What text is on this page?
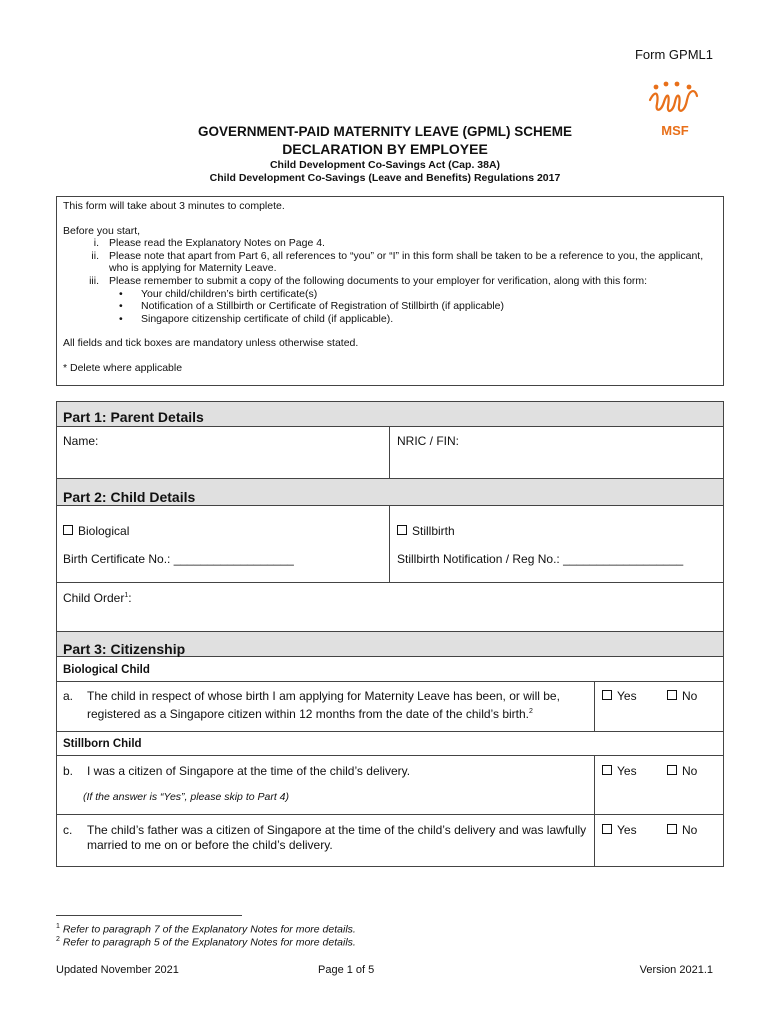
Form GPML1
MSF
GOVERNMENT-PAID MATERNITY LEAVE (GPML) SCHEME
DECLARATION BY EMPLOYEE
Child Development Co-Savings Act (Cap. 38A)
Child Development Co-Savings (Leave and Benefits) Regulations 2017

This form will take about 3 minutes to complete.

Before you start,

i. Please read the Explanatory Notes on Page 4.
ii. Please note that apart from Part 6, all references to “you” or “I” in this form shall be taken to be a reference to you, the applicant, who is applying for Maternity Leave.
iii. Please remember to submit a copy of the following documents to your employer for verification, along with this form:
•	Your child/children’s birth certificate(s)
•	Notification of a Stillbirth or Certificate of Registration of Stillbirth (if applicable)
•	Singapore citizenship certificate of child (if applicable).

All fields and tick boxes are mandatory unless otherwise stated.

* Delete where applicable

Part 1: Parent Details
Name:	NRIC / FIN:
Part 2: Child Details
Biological	Stillbirth
Birth Certificate No.: __________________	Stillbirth Notification / Reg No.: __________________
Child Order$^1$:
Part 3: Citizenship
Biological Child
a.	The child in respect of whose birth I am applying for Maternity Leave has been, or will be, registered as a Singapore citizen within 12 months from the date of the child’s birth.$^2$
Yes	No
Stillborn Child
b. I was a citizen of Singapore at the time of the child’s delivery.
(If the answer is “Yes”, please skip to Part 4)
Yes	No
c. The child’s father was a citizen of Singapore at the time of the child’s delivery and was lawfully married to me on or before the child’s delivery.
Yes	No
$^1$ Refer to paragraph 7 of the Explanatory Notes for more details.
$^2$ Refer to paragraph 5 of the Explanatory Notes for more details.
Updated November 2021	Page 1 of 5	Version 2021.1
